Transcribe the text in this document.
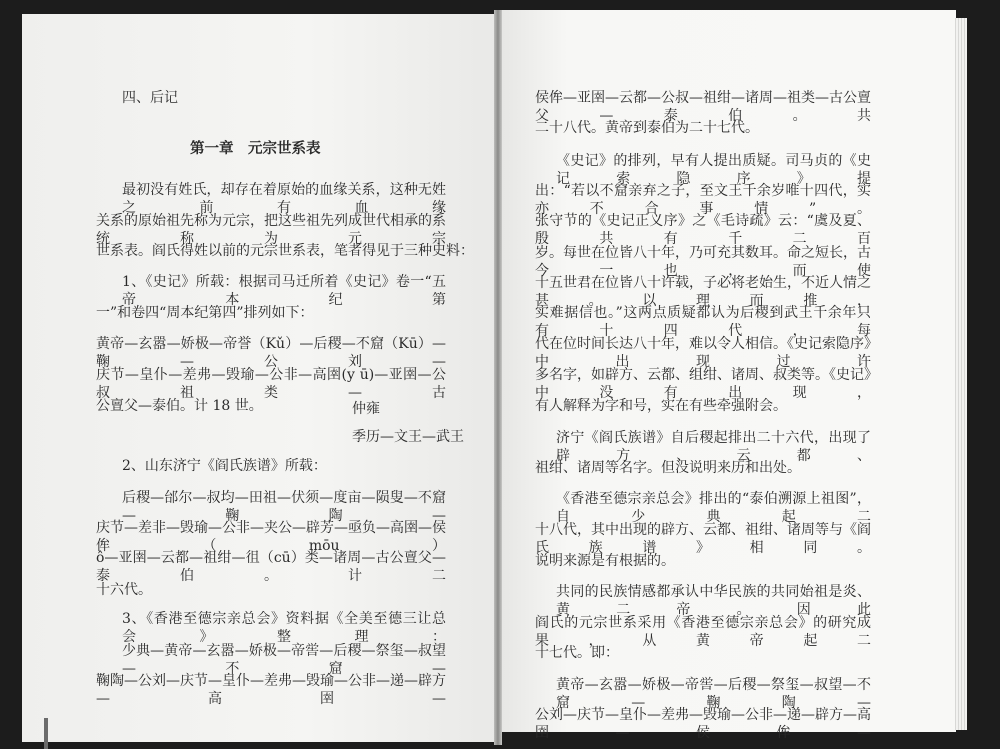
四、后记
第一章　元宗世系表
最初没有姓氏，却存在着原始的血缘关系，这种无姓之前有血缘
关系的原始祖先称为元宗，把这些祖先列成世代相承的系统称为元宗
世系表。阎氏得姓以前的元宗世系表，笔者得见于三种史料：
1、《史记》所载：根据司马迁所着《史记》卷一“五帝本纪第
一”和卷四“周本纪第四”排列如下：
黄帝—玄嚣—娇极—帝誉（Kǔ）—后稷—不窟（Kū）—鞠—公刘—
庆节—皇仆—差弗—毁瑜—公非—高圉(y ū)—亚圉—公叔祖类—古
公亶父—泰伯。计 18 世。	仲雍
季历—文王—武王
2、山东济宁《阎氏族谱》所载：
后稷—邰尔—叔均—田祖—伏须—度亩—陨叟—不窟—鞠陶—
庆节—差非—毁瑜—公非—夹公—辟芳—亟负—高圉—侯侔（mōu）
ô—亚圉—云都—祖绀—徂（cū）类—诸周—古公亶父—泰伯。计二
十六代。
3、《香港至德宗亲总会》资料据《全美至德三让总会》整理：
少典—黄帝—玄嚣—娇极—帝喾—后稷—祭玺—叔望—不窟—
鞠陶—公刘—庆节—皇仆—差弗—毁瑜—公非—递—辟方—高圉—
侯侔—亚圉—云都—公叔—祖绀—诸周—祖类—古公亶父—泰伯。共
二十八代。黄帝到泰伯为二十七代。
《史记》的排列，早有人提出质疑。司马贞的《史记索隐序》提
出：“若以不窟亲弃之子，至文王千余岁唯十四代，实亦不合事情”。
张守节的《史记正义序》之《毛诗疏》云：“虞及夏、殷共有千二百
岁。每世在位皆八十年，乃可充其数耳。命之短长，古今一也，而使
十五世君在位皆八十许载，子必将老始生，不近人情之甚。以理而推，
实难据信也。”这两点质疑都认为后稷到武王千余年只有十四代，每
代在位时间长达八十年，难以令人相信。《史记索隐序》中出现过许
多名字，如辟方、云都、组绀、诸周、叔类等。《史记》中没有出现，
有人解释为字和号，实在有些牵强附会。
济宁《阎氏族谱》自后稷起排出二十六代，出现了辟方、云都、
祖绀、诸周等名字。但没说明来历和出处。
《香港至德宗亲总会》排出的“泰伯溯源上祖图”，自少典起二
十八代，其中出现的辟方、云都、祖绀、诸周等与《阎氏族谱》相同。
说明来源是有根据的。
共同的民族情感都承认中华民族的共同始祖是炎、黄二帝。因此
阎氏的元宗世系采用《香港至德宗亲总会》的研究成果，从黄帝起二
十七代。即：
黄帝—玄嚣—娇极—帝喾—后稷—祭玺—叔望—不窟—鞠陶—
公刘—庆节—皇仆—差弗—毁瑜—公非—递—辟方—高圉—侯侔—
